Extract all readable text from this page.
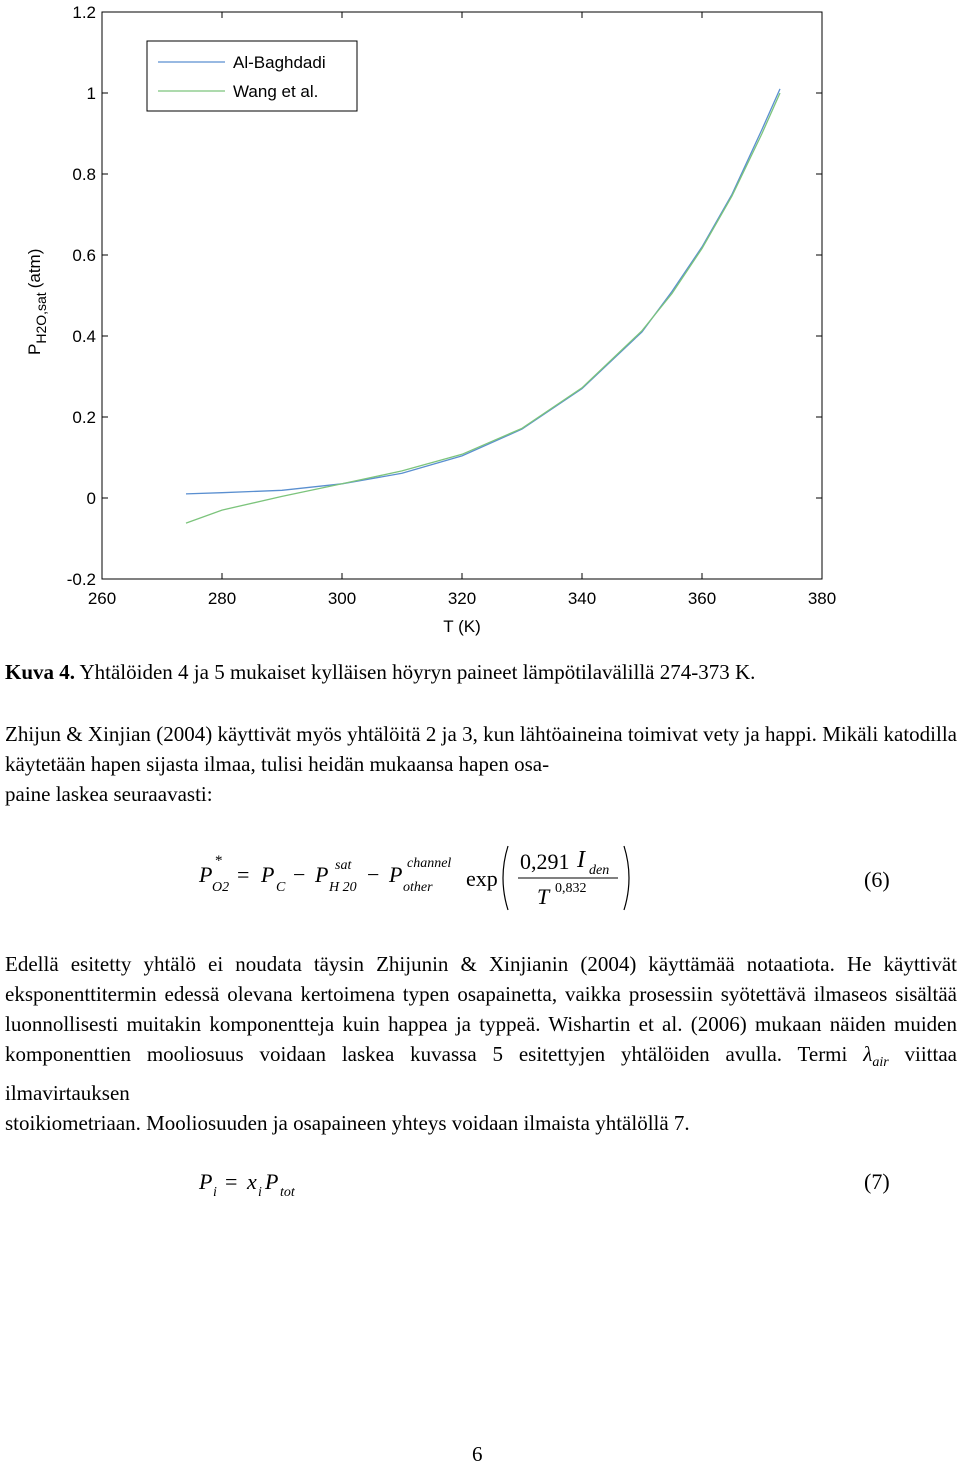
-0.2
0
0.2
0.4
0.6
0.8
1
1.2
260	280	300	320	340	360	380
Al-Baghdadi
Wang et al.
T (K)
$P_{H2O,sat}(atm)$
Kuva 4. Yhtälöiden 4 ja 5 mukaiset kylläisen höyryn paineet lämpötilavälillä 274-373 K.

Zhijun & Xinjian (2004) käyttivät myös yhtälöitä 2 ja 3, kun lähtöaineina toimivat vety ja happi. Mikäli katodilla käytetään hapen sijasta ilmaa, tulisi heidän mukaansa hapen osa-
paine laskea seuraavasti:

P
*
O2
= P
C
− P sat
H 20
− P channel
other exp
0,291 I den
T 0,832	(6)

Edellä esitetty yhtälö ei noudata täysin Zhijunin & Xinjianin (2004) käyttämää notaatiota. He käyttivät eksponenttitermin edessä olevana kertoimena typen osapainetta, vaikka prosessiin syötettävä ilmaseos sisältää luonnollisesti muitakin komponentteja kuin happea ja typpeä. Wishartin et al. (2006) mukaan näiden muiden komponenttien mooliosuus voidaan laskea kuvassa 5 esitettyjen yhtälöiden avulla. Termi $\lambda_{air}$ viittaa ilmavirtauksen
stoikiometriaan. Mooliosuuden ja osapaineen yhteys voidaan ilmaista yhtälöllä 7.

P i = x i P tot	(7)
6
